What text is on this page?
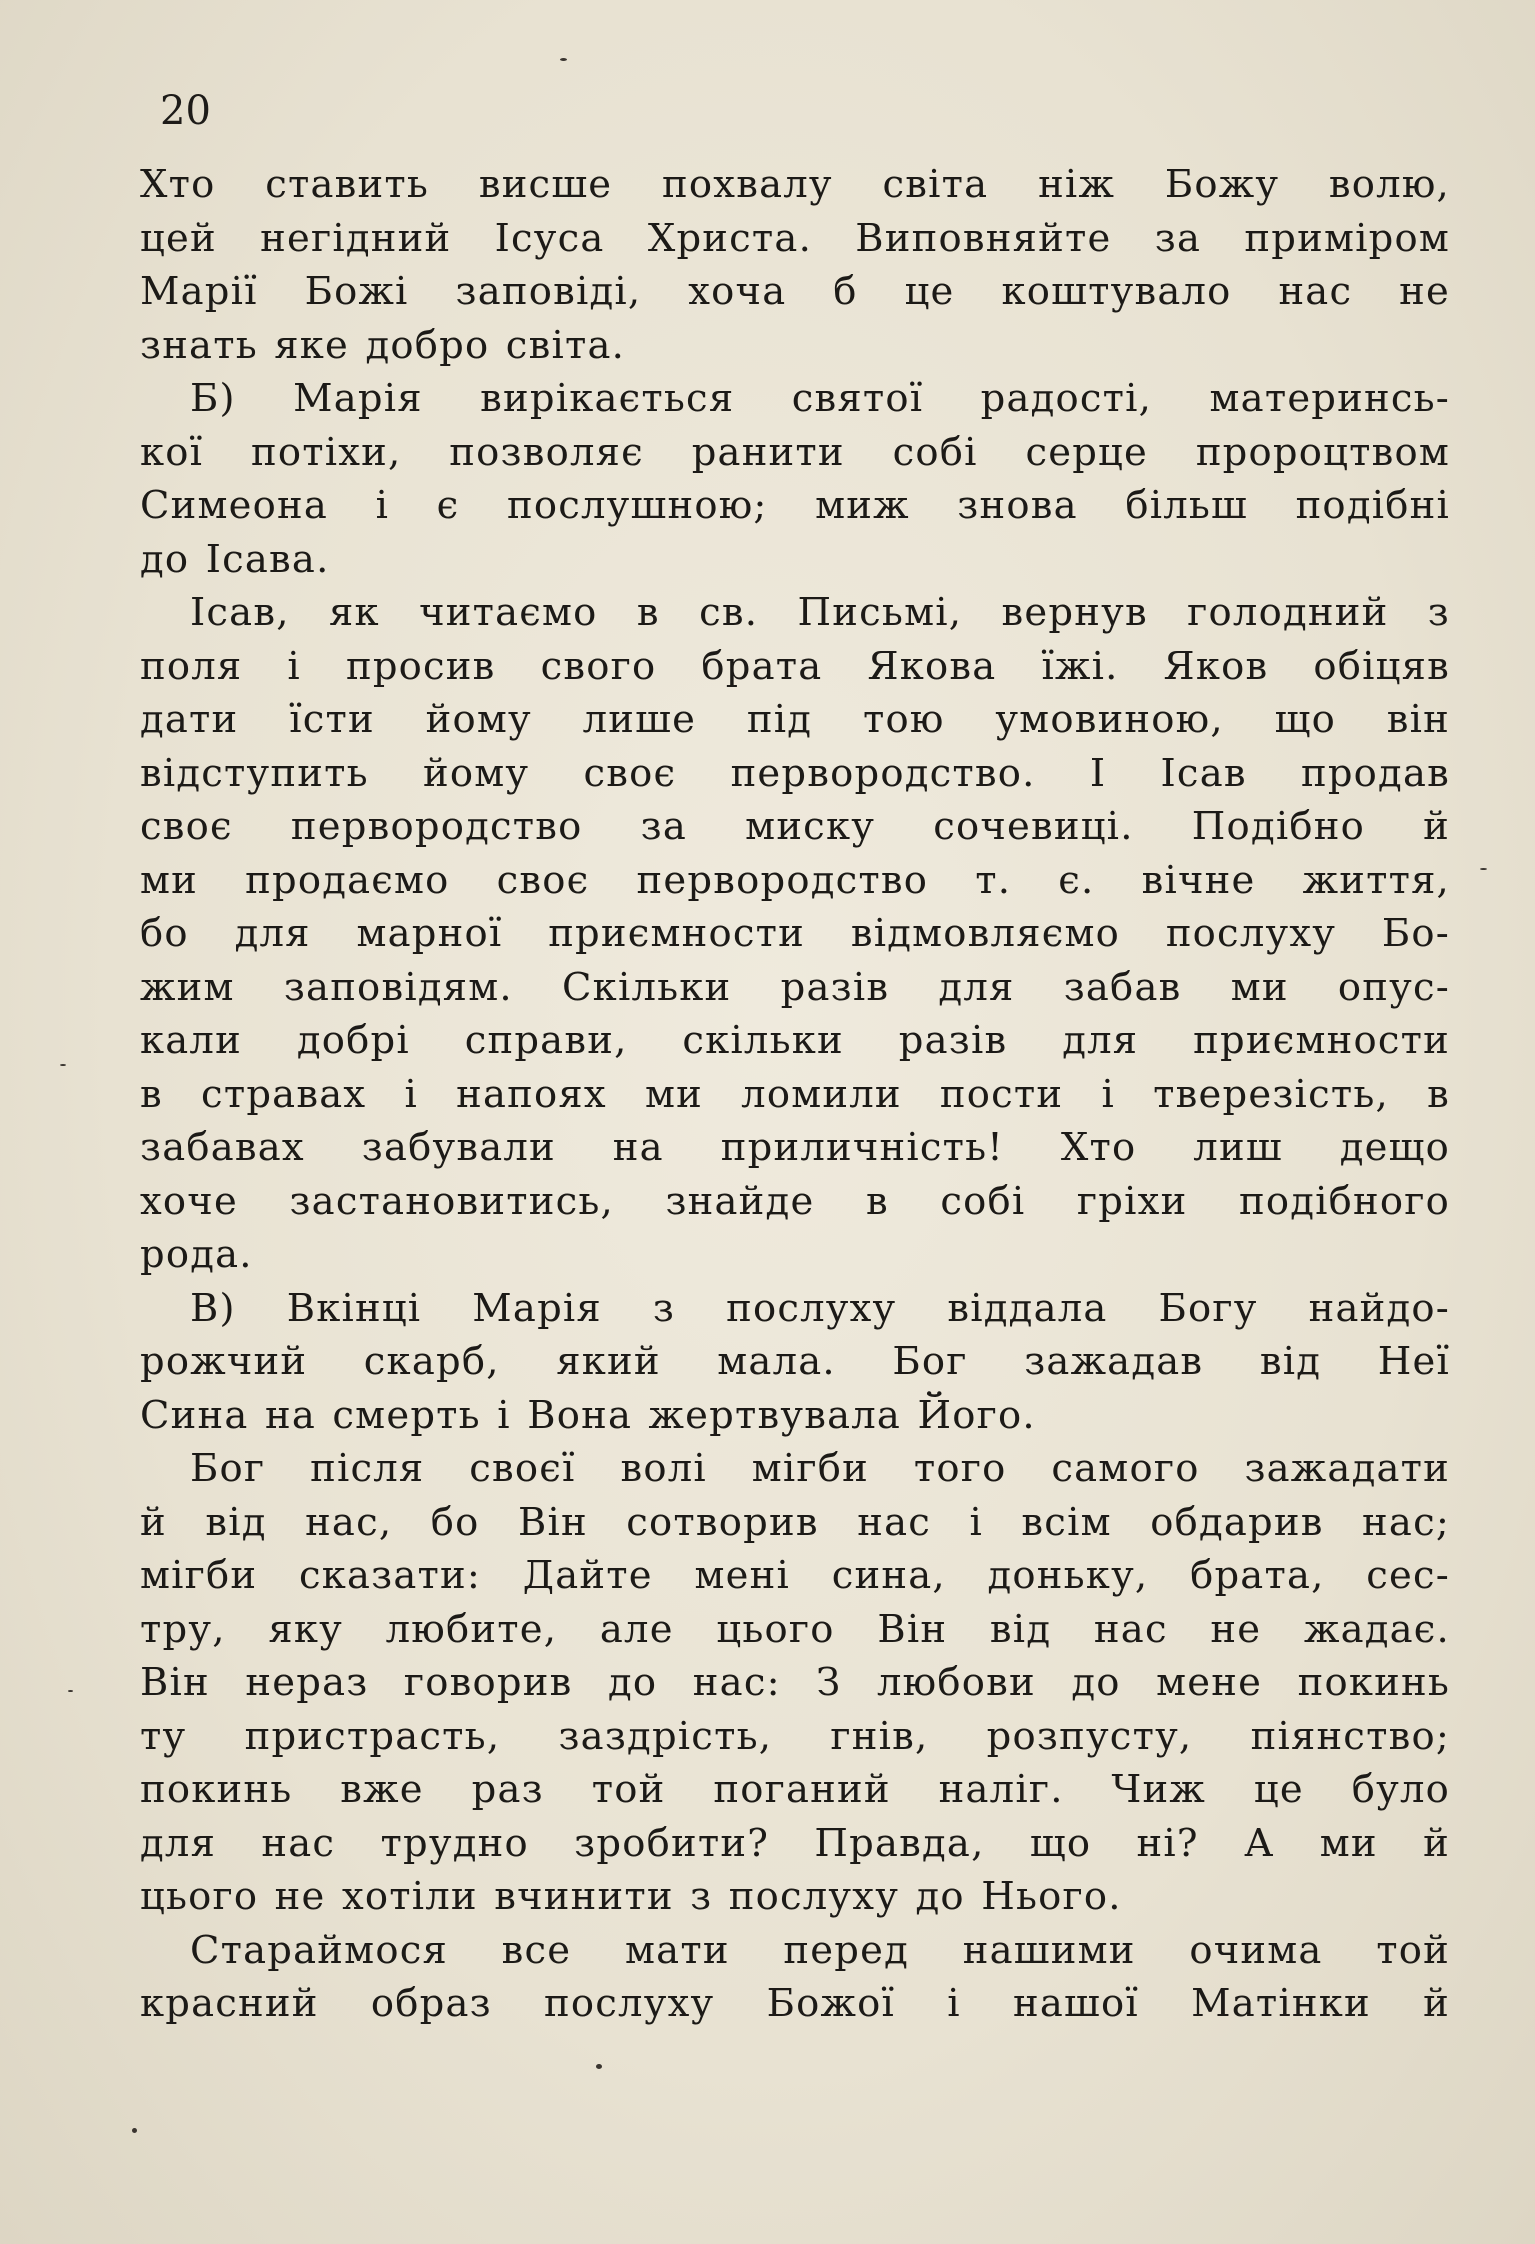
20
Хто ставить висше похвалу світа ніж Божу волю,
цей негідний Ісуса Христа. Виповняйте за приміром
Марії Божі заповіді, хоча б це коштувало нас не
знать яке добро світа.
Б) Марія вирікається святої радості, материнсь-
кої потіхи, позволяє ранити собі серце пророцтвом
Симеона і є послушною; миж знова більш подібні
до Ісава.
Ісав, як читаємо в св. Письмі, вернув голодний з
поля і просив свого брата Якова їжі. Яков обіцяв
дати їсти йому лише під тою умовиною, що він
відступить йому своє первородство. І Ісав продав
своє первородство за миску сочевиці. Подібно й
ми продаємо своє первородство т. є. вічне життя,
бо для марної приємности відмовляємо послуху Бо-
жим заповідям. Скільки разів для забав ми опус-
кали добрі справи, скільки разів для приємности
в стравах і напоях ми ломили пости і тверезість, в
забавах забували на приличність! Хто лиш дещо
хоче застановитись, знайде в собі гріхи подібного
рода.
В) Вкінці Марія з послуху віддала Богу найдо-
рожчий скарб, який мала. Бог зажадав від Неї
Сина на смерть і Вона жертвувала Його.
Бог після своєї волі мігби того самого зажадати
й від нас, бо Він сотворив нас і всім обдарив нас;
мігби сказати: Дайте мені сина, доньку, брата, сес-
тру, яку любите, але цього Він від нас не жадає.
Він нераз говорив до нас: З любови до мене покинь
ту пристрасть, заздрість, гнів, розпусту, піянство;
покинь вже раз той поганий наліг. Чиж це було
для нас трудно зробити? Правда, що ні? А ми й
цього не хотіли вчинити з послуху до Нього.
Стараймося все мати перед нашими очима той
красний образ послуху Божої і нашої Матінки й
